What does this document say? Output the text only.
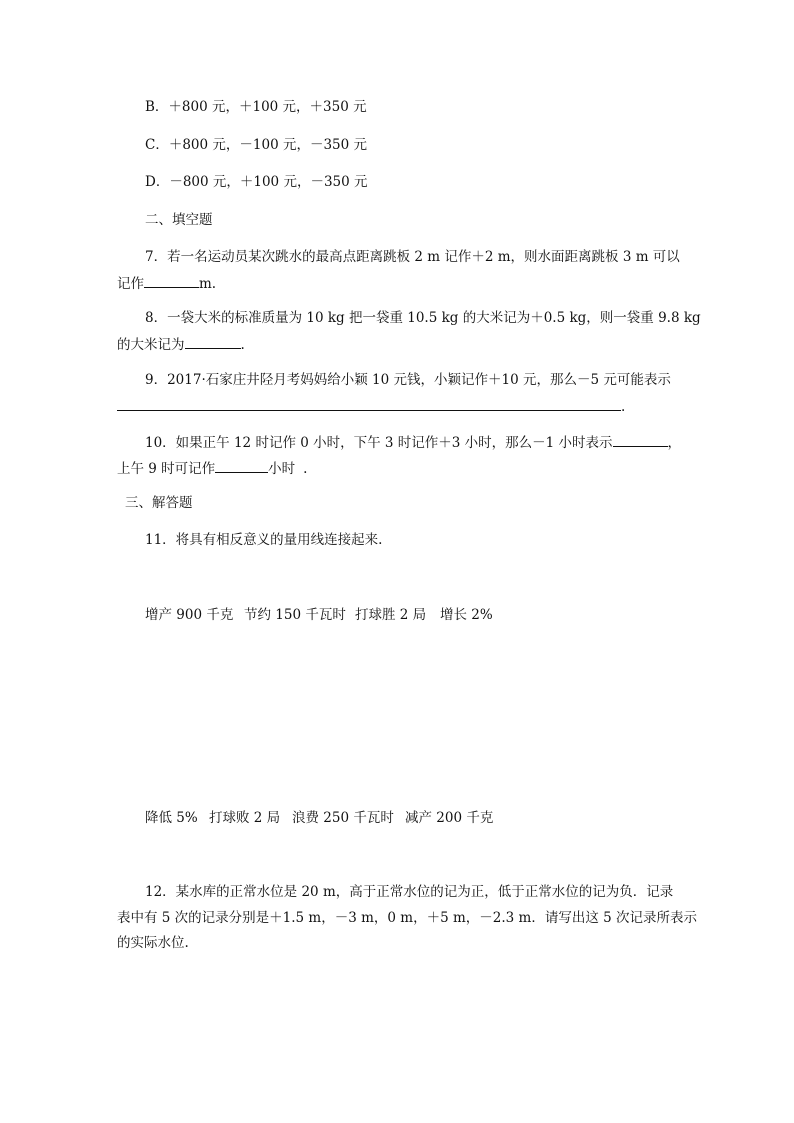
B．＋800 元，＋100 元，＋350 元
C．＋800 元，－100 元，－350 元
D．－800 元，＋100 元，－350 元
二、填空题
7．若一名运动员某次跳水的最高点距离跳板 2 m 记作＋2 m，则水面距离跳板 3 m 可以
记作	m.
8．一袋大米的标准质量为 10 kg 把一袋重 10.5 kg 的大米记为＋0.5 kg，则一袋重 9.8 kg
的大米记为	.
9．2017·石家庄井陉月考妈妈给小颖 10 元钱，小颖记作＋10 元，那么－5 元可能表示
.
10．如果正午 12 时记作 0 小时，下午 3 时记作＋3 小时，那么－1 小时表示	，
上午 9 时可记作	小时 .
三、解答题
11．将具有相反意义的量用线连接起来.
增产 900 千克 节约 150 千瓦时 打球胜 2 局 增长 2%
降低 5% 打球败 2 局 浪费 250 千瓦时 减产 200 千克
12．某水库的正常水位是 20 m，高于正常水位的记为正，低于正常水位的记为负．记录
表中有 5 次的记录分别是＋1.5 m，－3 m，0 m，＋5 m，－2.3 m．请写出这 5 次记录所表示
的实际水位.
